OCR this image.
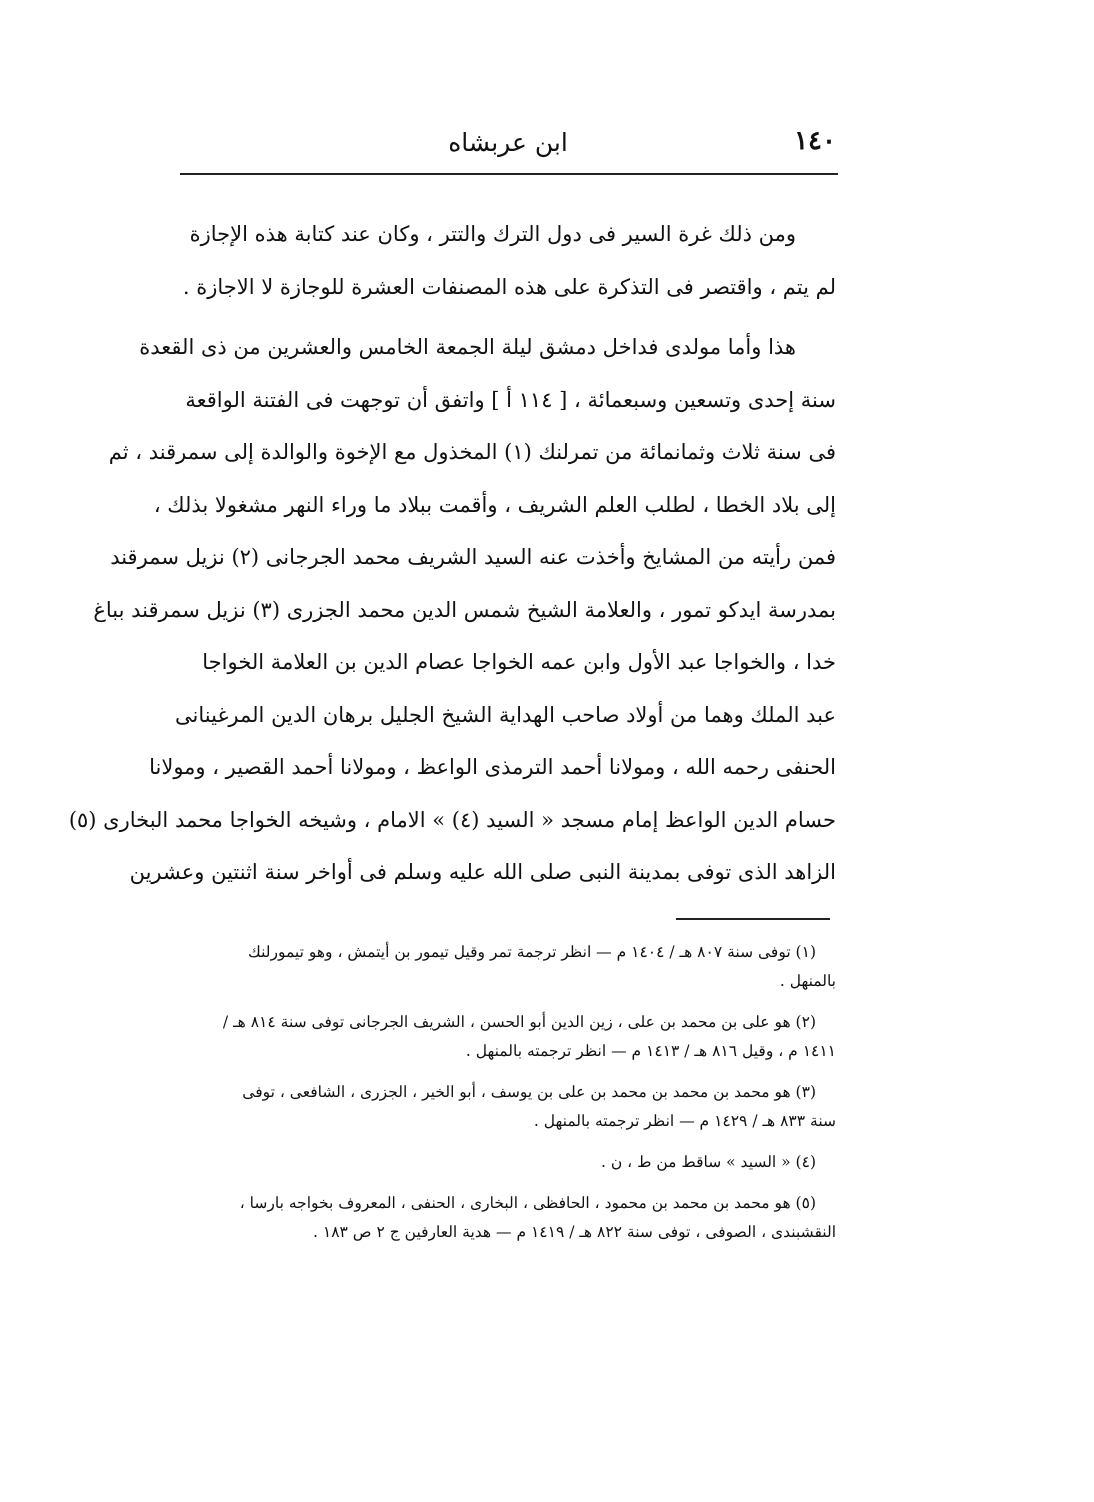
١٤٠
ابن عربشاه
ومن ذلك غرة السير فى دول الترك والتتر ، وكان عند كتابة هذه الإجازة
لم يتم ، واقتصر فى التذكرة على هذه المصنفات العشرة للوجازة لا الاجازة .
هذا وأما مولدى فداخل دمشق ليلة الجمعة الخامس والعشرين من ذى القعدة
سنة إحدى وتسعين وسبعمائة ، [ ١١٤ أ ] واتفق أن توجهت فى الفتنة الواقعة
فى سنة ثلاث وثمانمائة من تمرلنك (١) المخذول مع الإخوة والوالدة إلى سمرقند ، ثم
إلى بلاد الخطا ، لطلب العلم الشريف ، وأقمت ببلاد ما وراء النهر مشغولا بذلك ،
فمن رأيته من المشايخ وأخذت عنه السيد الشريف محمد الجرجانى (٢) نزيل سمرقند
بمدرسة ايدكو تمور ، والعلامة الشيخ شمس الدين محمد الجزرى (٣) نزيل سمرقند بباغ
خدا ، والخواجا عبد الأول وابن عمه الخواجا عصام الدين بن العلامة الخواجا
عبد الملك وهما من أولاد صاحب الهداية الشيخ الجليل برهان الدين المرغينانى
الحنفى رحمه الله ، ومولانا أحمد الترمذى الواعظ ، ومولانا أحمد القصير ، ومولانا
حسام الدين الواعظ إمام مسجد « السيد (٤) » الامام ، وشيخه الخواجا محمد البخارى (٥)
الزاهد الذى توفى بمدينة النبى صلى الله عليه وسلم فى أواخر سنة اثنتين وعشرين
(١) توفى سنة ٨٠٧ هـ / ١٤٠٤ م — انظر ترجمة تمر وقيل تيمور بن أيتمش ، وهو تيمورلنك
بالمنهل .
(٢) هو على بن محمد بن على ، زين الدين أبو الحسن ، الشريف الجرجانى توفى سنة ٨١٤ هـ /
١٤١١ م ، وقيل ٨١٦ هـ / ١٤١٣ م — انظر ترجمته بالمنهل .
(٣) هو محمد بن محمد بن محمد بن على بن يوسف ، أبو الخير ، الجزرى ، الشافعى ، توفى
سنة ٨٣٣ هـ / ١٤٢٩ م — انظر ترجمته بالمنهل .
(٤) « السيد » ساقط من ط ، ن .
(٥) هو محمد بن محمد بن محمود ، الحافظى ، البخارى ، الحنفى ، المعروف بخواجه بارسا ،
النقشبندى ، الصوفى ، توفى سنة ٨٢٢ هـ / ١٤١٩ م — هدية العارفين ج ٢ ص ١٨٣ .
